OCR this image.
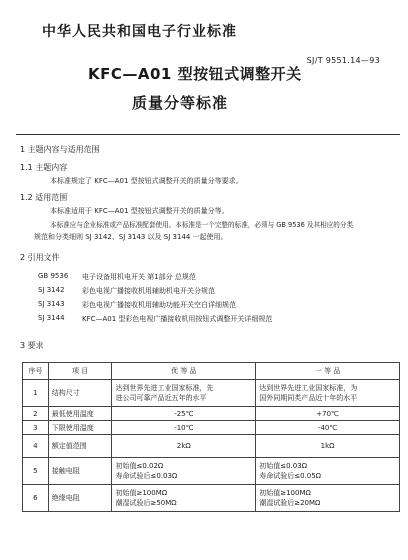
中华人民共和国电子行业标准
SJ/T 9551.14—93
KFC—A01 型按钮式调整开关
质量分等标准
1 主题内容与适用范围
1.1 主题内容
本标准规定了 KFC—A01 型按钮式调整开关的质量分等要求。
1.2 适用范围
本标准适用于 KFC—A01 型按钮式调整开关的质量分等。
本标准应与企业标准或产品标准配套使用。本标准是一个完整的标准，必须与 GB 9536 及其相应的分类
规范和分类细则 SJ 3142、SJ 3143 以及 SJ 3144 一起使用。
2 引用文件
GB 9536 电子设备用机电开关 第1部分 总规范
SJ 3142 彩色电视广播接收机用辅助机电开关分规范
SJ 3143 彩色电视广播接收机用辅助功能开关空白详细规范
SJ 3144 KFC—A01 型彩色电视广播接收机用按钮式调整开关详细规范
3 要求
序号	项 目	优 等 品	一 等 品
1	结构尺寸	达到世界先进工业国家标准，先
进公司可靠产品近五年的水平	达到世界先进工业国家标准，为
国外同期同类产品近十年的水平

2	最低使用温度	-25℃	+70℃
3	下限使用温度	-10℃	-40℃
4	额定值范围	2kΩ	1kΩ
5	接触电阻	初始值≤0.02Ω
寿命试验后≤0.03Ω	初始值≤0.03Ω
寿命试验后≤0.05Ω

6	绝缘电阻	初始值≥100MΩ
潮湿试验后≥50MΩ	初始值≥100MΩ
潮湿试验后≥20MΩ
